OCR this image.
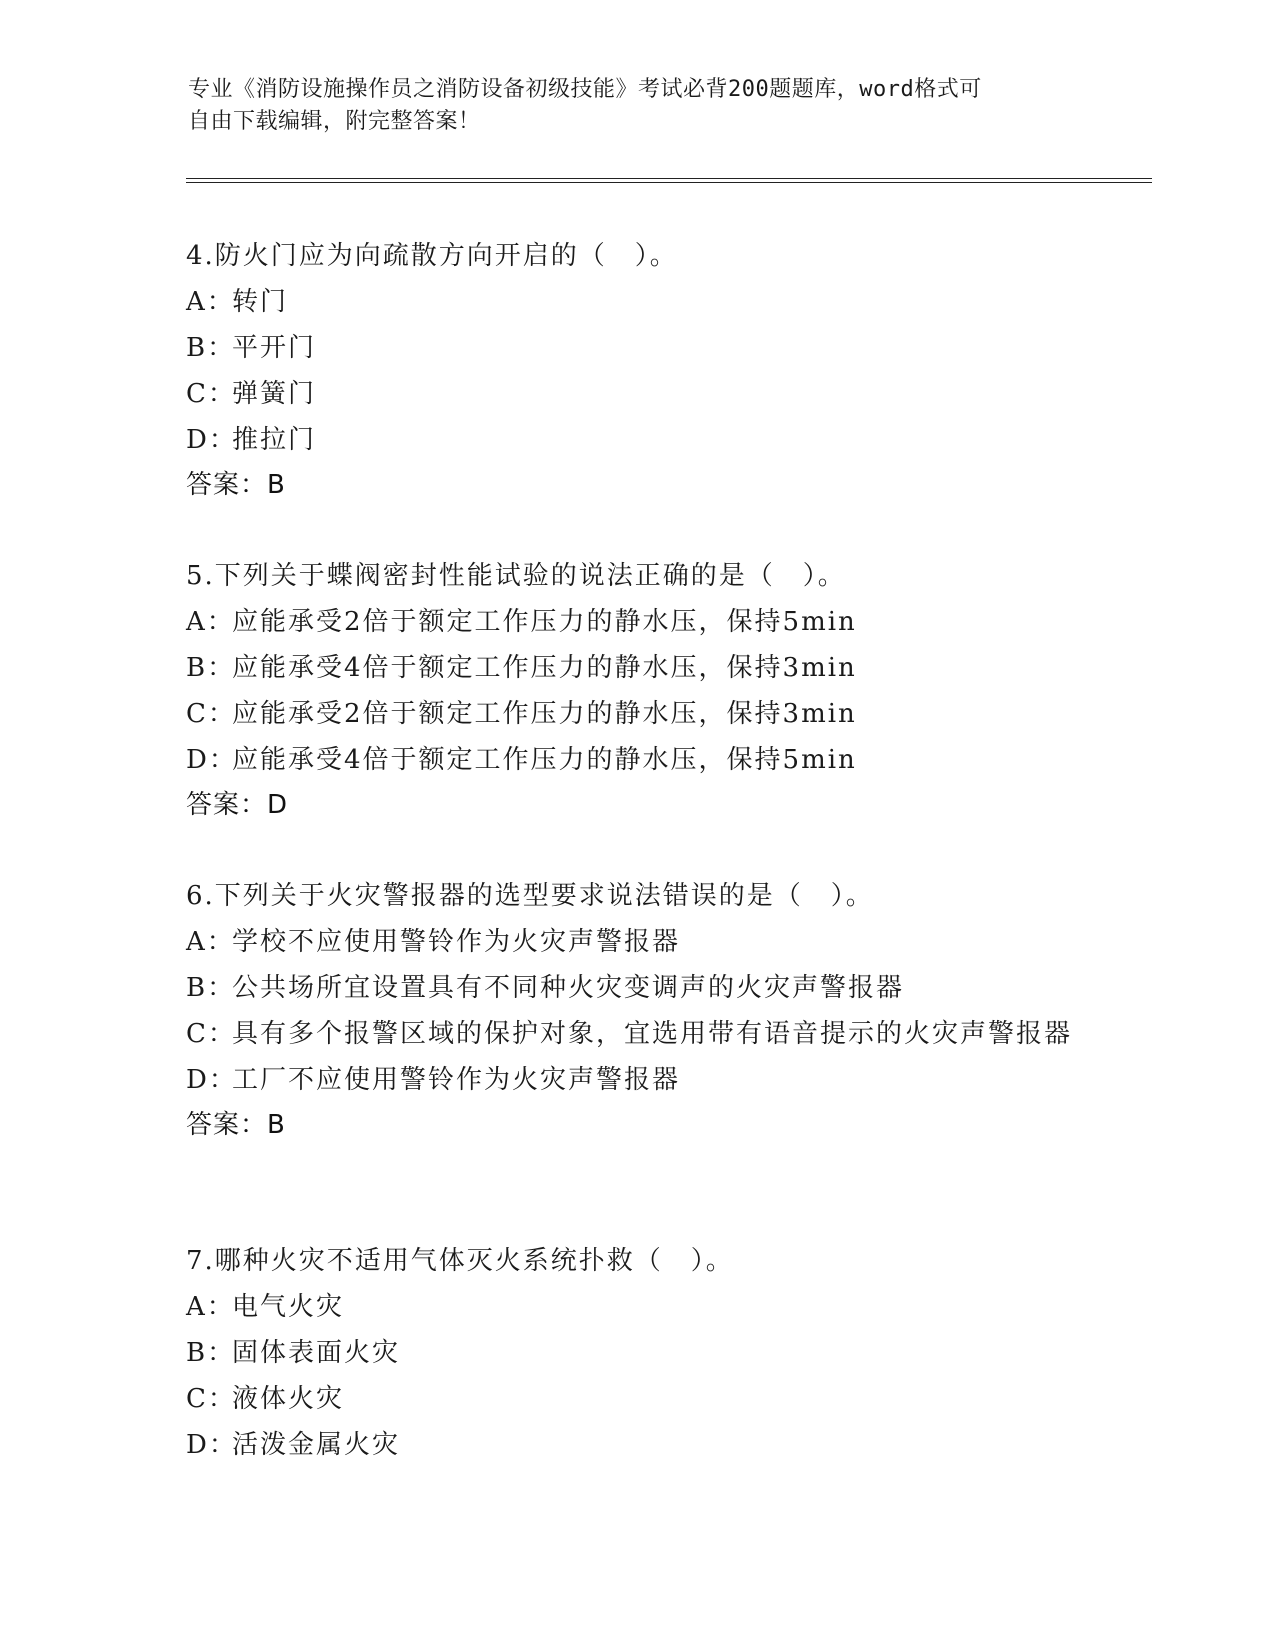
专业《消防设施操作员之消防设备初级技能》考试必背200题题库，word格式可
自由下载编辑，附完整答案！
4.防火门应为向疏散方向开启的（　）。
A：转门
B：平开门
C：弹簧门
D：推拉门
答案：B
5.下列关于蝶阀密封性能试验的说法正确的是（　）。
A：应能承受2倍于额定工作压力的静水压，保持5min
B：应能承受4倍于额定工作压力的静水压，保持3min
C：应能承受2倍于额定工作压力的静水压，保持3min
D：应能承受4倍于额定工作压力的静水压，保持5min
答案：D
6.下列关于火灾警报器的选型要求说法错误的是（　）。
A：学校不应使用警铃作为火灾声警报器
B：公共场所宜设置具有不同种火灾变调声的火灾声警报器
C：具有多个报警区域的保护对象，宜选用带有语音提示的火灾声警报器
D：工厂不应使用警铃作为火灾声警报器
答案：B
7.哪种火灾不适用气体灭火系统扑救（　）。
A：电气火灾
B：固体表面火灾
C：液体火灾
D：活泼金属火灾
